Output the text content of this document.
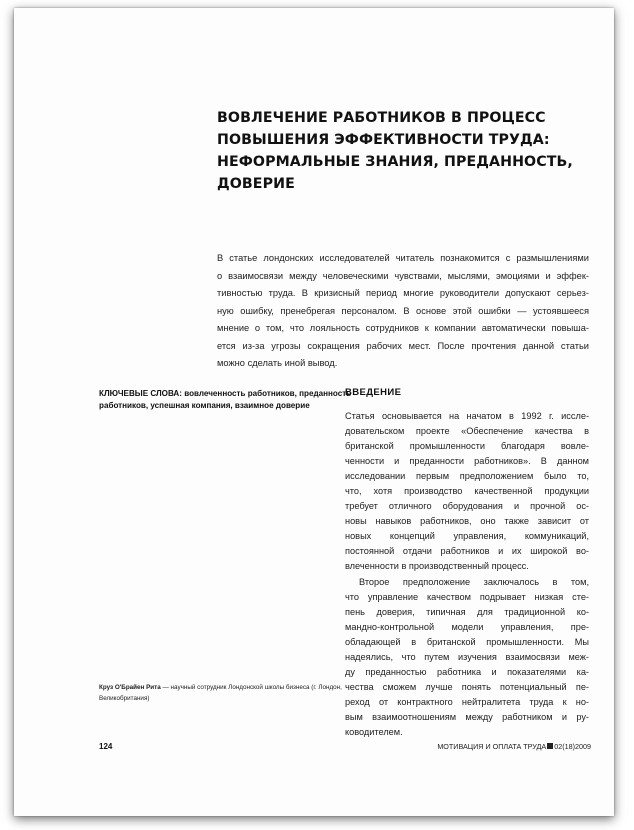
ВОВЛЕЧЕНИЕ РАБОТНИКОВ В ПРОЦЕСС
ПОВЫШЕНИЯ ЭФФЕКТИВНОСТИ ТРУДА:
НЕФОРМАЛЬНЫЕ ЗНАНИЯ, ПРЕДАННОСТЬ,
ДОВЕРИЕ
В статье лондонских исследователей читатель познакомится с размышлениями
о взаимосвязи между человеческими чувствами, мыслями, эмоциями и эффек-
тивностью труда. В кризисный период многие руководители допускают серьез-
ную ошибку, пренебрегая персоналом. В основе этой ошибки — устоявшееся
мнение о том, что лояльность сотрудников к компании автоматически повыша-
ется из-за угрозы сокращения рабочих мест. После прочтения данной статьи
можно сделать иной вывод.
КЛЮЧЕВЫЕ СЛОВА: вовлеченность работников, преданность
работников, успешная компания, взаимное доверие
ВВЕДЕНИЕ
Статья основывается на начатом в 1992 г. иссле-
довательском проекте «Обеспечение качества в
британской промышленности благодаря вовле-
ченности и преданности работников». В данном
исследовании первым предположением было то,
что, хотя производство качественной продукции
требует отличного оборудования и прочной ос-
новы навыков работников, оно также зависит от
новых концепций управления, коммуникаций,
постоянной отдачи работников и их широкой во-
влеченности в производственный процесс.
Второе предположение заключалось в том,
что управление качеством подрывает низкая сте-
пень доверия, типичная для традиционной ко-
мандно-контрольной модели управления, пре-
обладающей в британской промышленности. Мы
надеялись, что путем изучения взаимосвязи меж-
ду преданностью работника и показателями ка-
чества сможем лучше понять потенциальный пе-
реход от контрактного нейтралитета труда к но-
вым взаимоотношениям между работником и ру-
ководителем.
Круз О'Брайен Рита — научный сотрудник Лондонской школы бизнеса (г. Лондон,
Великобритания)
124	МОТИВАЦИЯ И ОПЛАТА ТРУДА 02(18)2009
